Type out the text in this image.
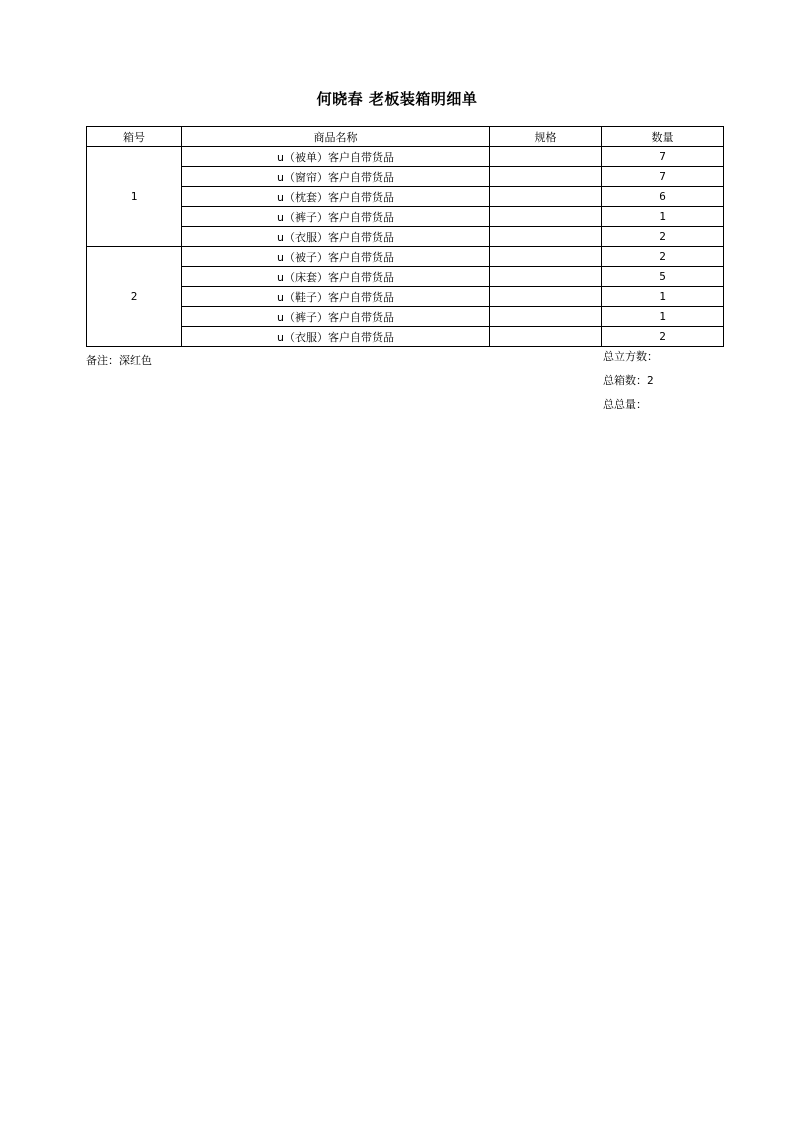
何晓春 老板装箱明细单
箱号	商品名称	规格	数量
1	u（被单）客户自带货品		7
	u（窗帘）客户自带货品		7
	u（枕套）客户自带货品		6
	u（裤子）客户自带货品		1
	u（衣服）客户自带货品		2
2	u（被子）客户自带货品		2
	u（床套）客户自带货品		5
	u（鞋子）客户自带货品		1
	u（裤子）客户自带货品		1
	u（衣服）客户自带货品		2
备注：深红色	总立方数：
总箱数：2
总总量：
